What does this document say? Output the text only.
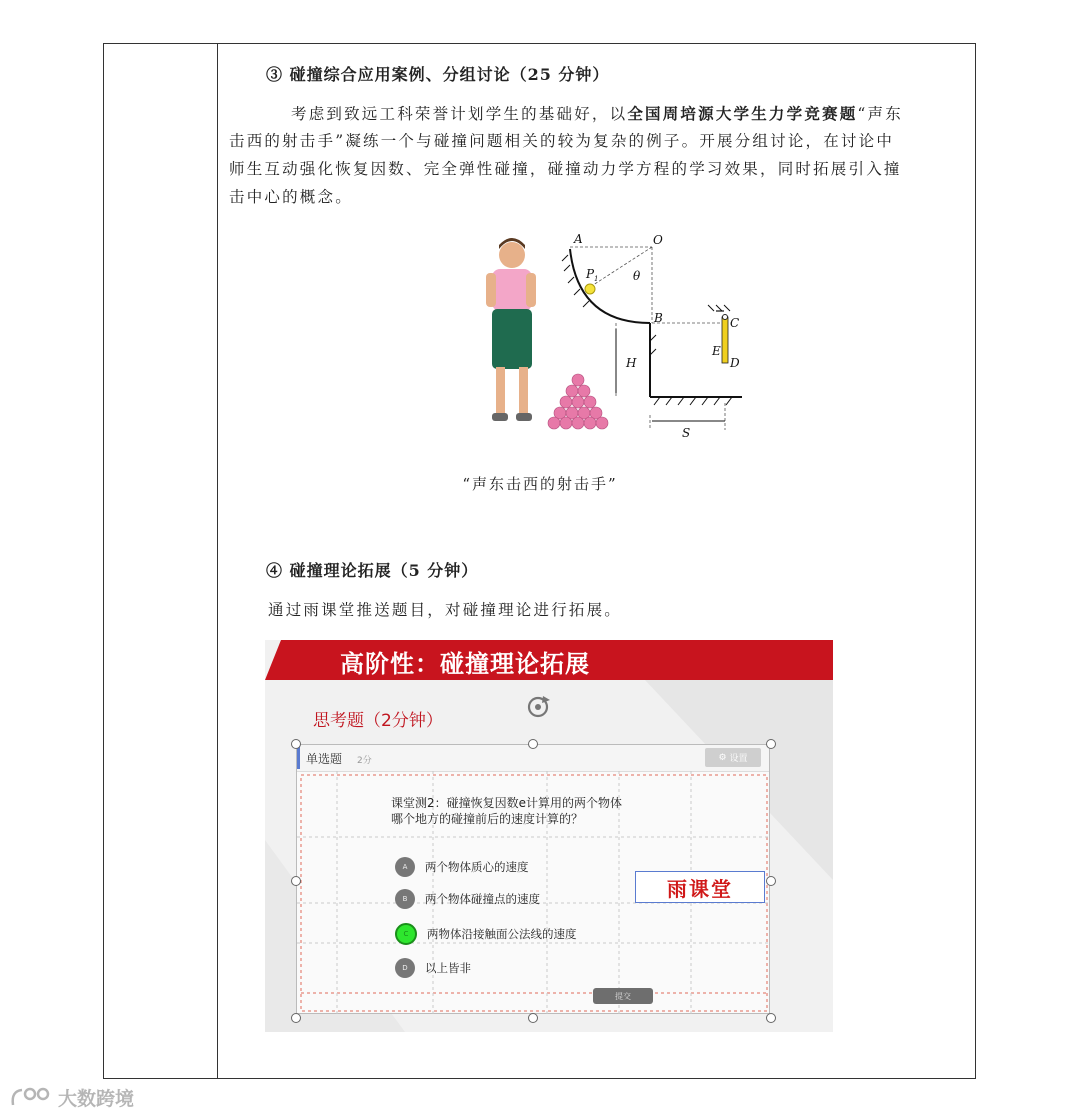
③ 碰撞综合应用案例、分组讨论（25 分钟）
考虑到致远工科荣誉计划学生的基础好，以全国周培源大学生力学竞赛题“声东
击西的射击手”凝练一个与碰撞问题相关的较为复杂的例子。开展分组讨论，在讨论中
师生互动强化恢复因数、完全弹性碰撞，碰撞动力学方程的学习效果，同时拓展引入撞
击中心的概念。
A	O
P 1	θ
B	C
E
D
H
S
“声东击西的射击手”
④ 碰撞理论拓展（5 分钟）
通过雨课堂推送题目，对碰撞理论进行拓展。
高阶性：碰撞理论拓展
思考题（2分钟）
单选题 2分	⚙ 设置
课堂测2：碰撞恢复因数e计算用的两个物体
哪个地方的碰撞前后的速度计算的？
A	两个物体质心的速度
B	两个物体碰撞点的速度
C	两物体沿接触面公法线的速度
D	以上皆非
提交
雨课堂
大数跨境
